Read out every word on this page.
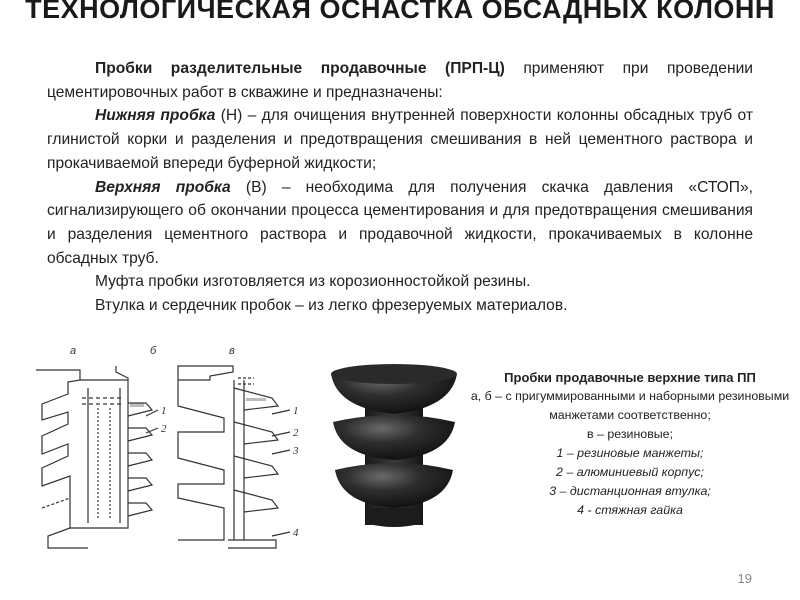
ТЕХНОЛОГИЧЕСКАЯ ОСНАСТКА ОБСАДНЫХ КОЛОНН

Пробки разделительные продавочные (ПРП-Ц) применяют при проведении цементировочных работ в скважине и предназначены:

Нижняя пробка (Н) – для очищения внутренней поверхности колонны обсадных труб от глинистой корки и разделения и предотвращения смешивания в ней цементного раствора и прокачиваемой впереди буферной жидкости;

Верхняя пробка (В) – необходима для получения скачка давления «СТОП», сигнализирующего об окончании процесса цементирования и для предотвращения смешивания и разделения цементного раствора и продавочной жидкости, прокачиваемых в колонне обсадных труб.

Муфта пробки изготовляется из корозионностойкой резины.

Втулка и сердечник пробок – из легко фрезеруемых материалов.

а	б	в
1
2
1
2
3
4
Пробки продавочные верхние типа ПП
а, б – с пригуммированными и наборными резиновыми манжетами соответственно;
в – резиновые;
1 – резиновые манжеты;
2 – алюминиевый корпус;
3 – дистанционная втулка;
4 - стяжная гайка
19
